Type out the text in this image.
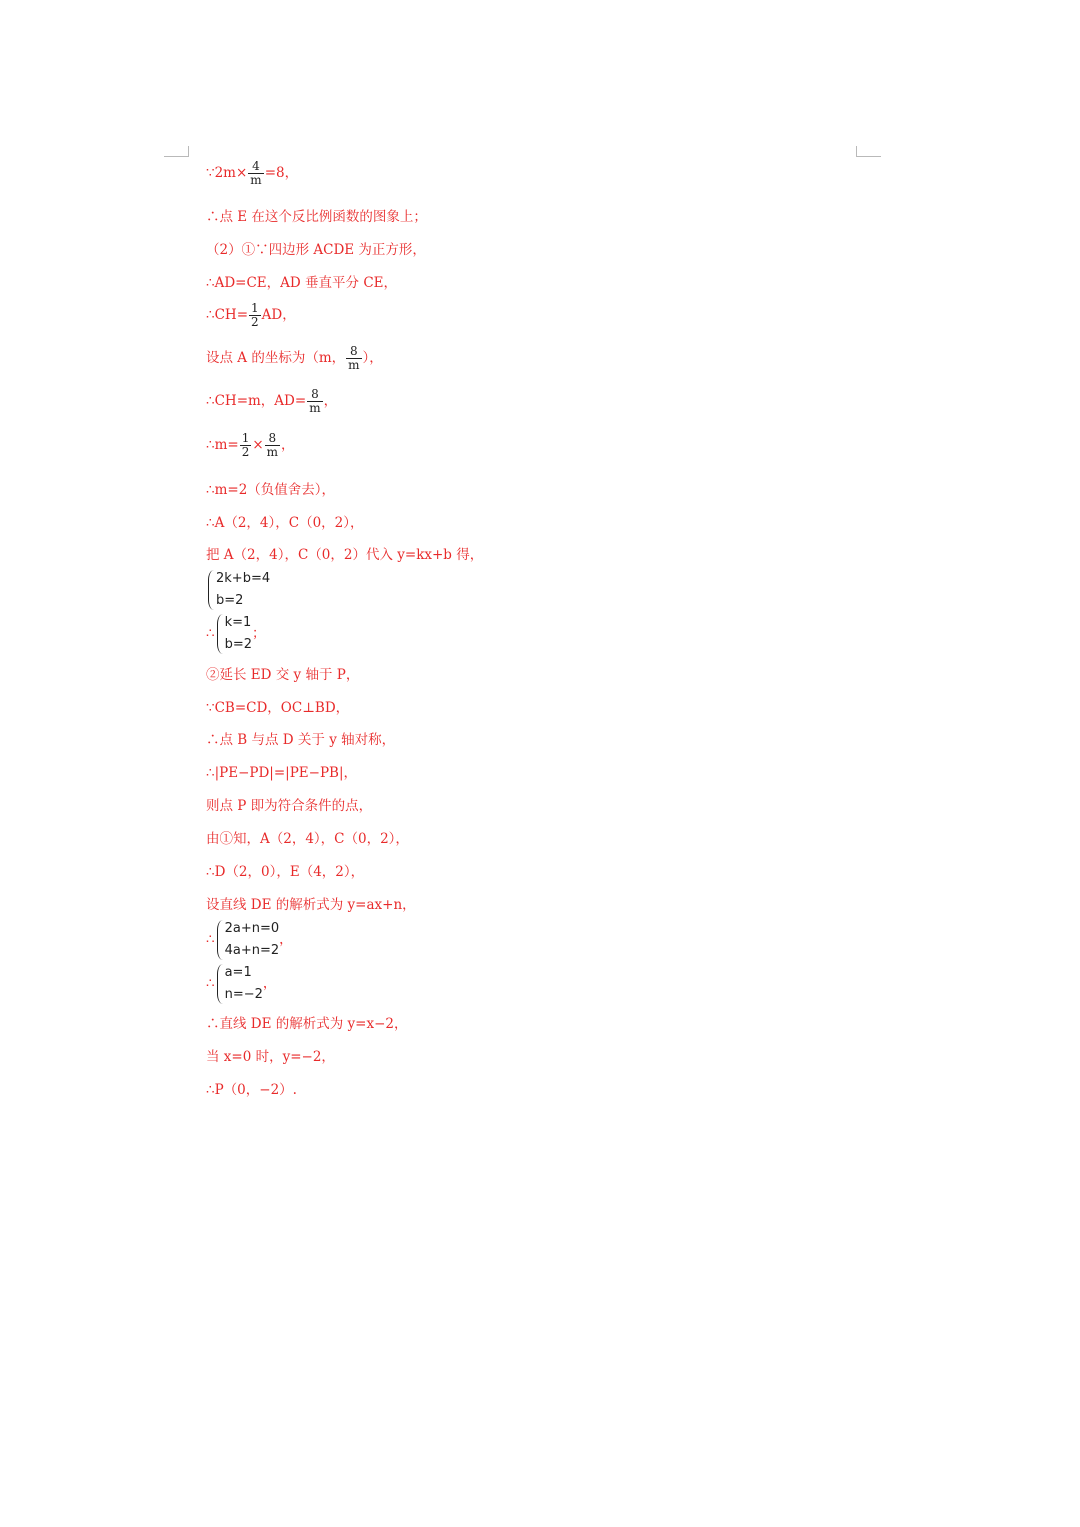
∵2m× $\frac{4}{m} =8$，
∴点 E 在这个反比例函数的图象上；
（2）①∵四边形 ACDE 为正方形，
∴AD=CE，AD 垂直平分 CE，
∴CH= $\frac{1}{2}$ AD，
设点 A 的坐标为（m， $\frac{8}{m}$ ），
∴CH=m，$AD= \frac{8}{m}$ ，
∴m= $\frac{1}{2} \times \frac{8}{m}$ ，
∴m=2（负值舍去），
∴A（2，4），C（0，2），
把 A（2，4），C（0，2）代入 y=kx+b 得，
2k+b=4
b=2
∴
k=1
b=2
；
②延长 ED 交 y 轴于 P，
∵CB=CD，OC⊥BD，
∴点 B 与点 D 关于 y 轴对称，
∴|PE−PD|=|PE−PB|，
则点 P 即为符合条件的点，
由①知，A（2，4），C（0，2），
∴D（2，0），E（4，2），
设直线 DE 的解析式为 y=ax+n，
∴
2a+n=0
4a+n=2
，
∴
a=1
n=−2
，
∴直线 DE 的解析式为 y=x−2，
当 x=0 时，y=−2，
∴P（0，−2）.
